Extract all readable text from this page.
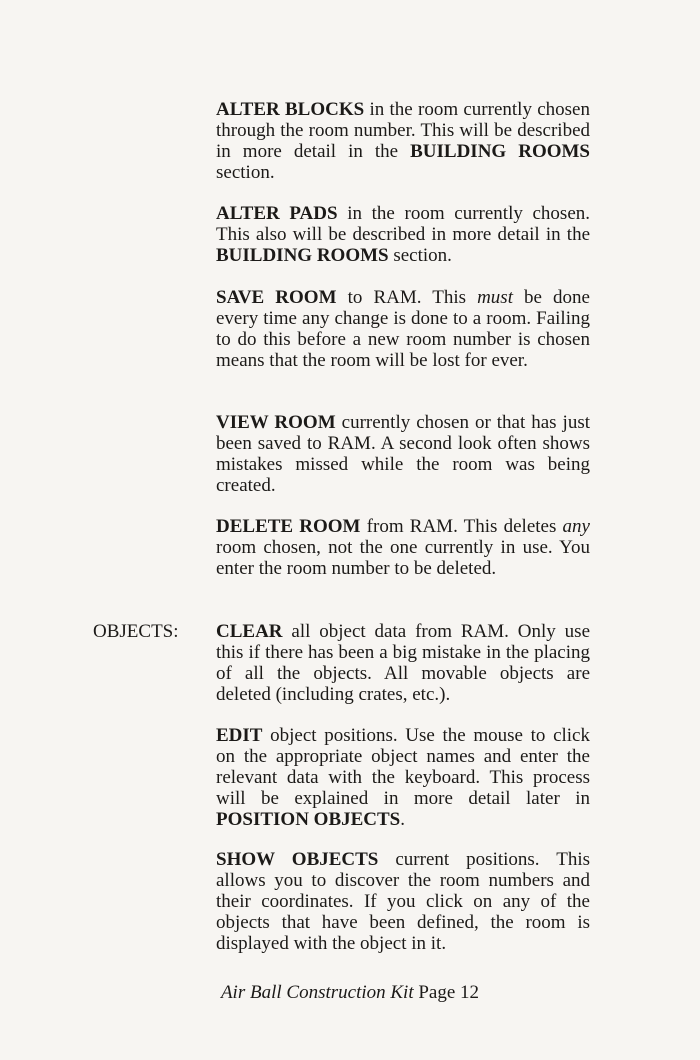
ALTER BLOCKS in the room currently chosen through the room number. This will be described in more detail in the BUILDING ROOMS section.

ALTER PADS in the room currently chosen. This also will be described in more detail in the BUILDING ROOMS section.

SAVE ROOM to RAM. This must be done every time any change is done to a room. Failing to do this before a new room number is chosen means that the room will be lost for ever.

VIEW ROOM currently chosen or that has just been saved to RAM. A second look often shows mistakes missed while the room was being created.

DELETE ROOM from RAM. This deletes any room chosen, not the one currently in use. You enter the room number to be deleted.

OBJECTS: CLEAR all object data from RAM. Only use this if there has been a big mistake in the placing of all the objects. All movable objects are deleted (including crates, etc.).

EDIT object positions. Use the mouse to click on the appropriate object names and enter the relevant data with the keyboard. This process will be explained in more detail later in POSITION OBJECTS.

SHOW OBJECTS current positions. This allows you to discover the room numbers and their coordinates. If you click on any of the objects that have been defined, the room is displayed with the object in it.

Air Ball Construction Kit Page 12
